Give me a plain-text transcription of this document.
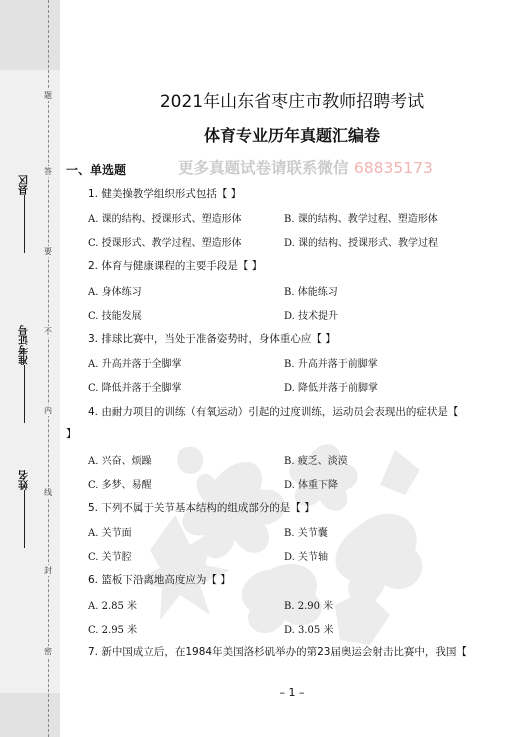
题
答
要
不
内
线
封
密
县区
准考证号
姓名
2021年山东省枣庄市教师招聘考试
体育专业历年真题汇编卷
更多真题试卷请联系微信 68835173
一、单选题
1. 健美操教学组织形式包括【 】
A. 课的结构、授课形式、塑造形体	B. 课的结构、教学过程、塑造形体
C. 授课形式、教学过程、塑造形体	D. 课的结构、授课形式、教学过程
2. 体育与健康课程的主要手段是【 】
A. 身体练习	B. 体能练习
C. 技能发展	D. 技术提升
3. 排球比赛中，当处于准备姿势时，身体重心应【 】
A. 升高并落于全脚掌	B. 升高并落于前脚掌
C. 降低并落于全脚掌	D. 降低并落于前脚掌
4. 由耐力项目的训练（有氧运动）引起的过度训练，运动员会表现出的症状是【
】
A. 兴奋、烦躁	B. 疲乏、淡漠
C. 多梦、易醒	D. 体重下降
5. 下列不属于关节基本结构的组成部分的是【 】
A. 关节面	B. 关节囊
C. 关节腔	D. 关节轴
6. 篮板下沿离地高度应为【 】
A. 2.85 米	B. 2.90 米
C. 2.95 米	D. 3.05 米
7. 新中国成立后，在1984年美国洛杉矶举办的第23届奥运会射击比赛中，我国【
– 1 –
